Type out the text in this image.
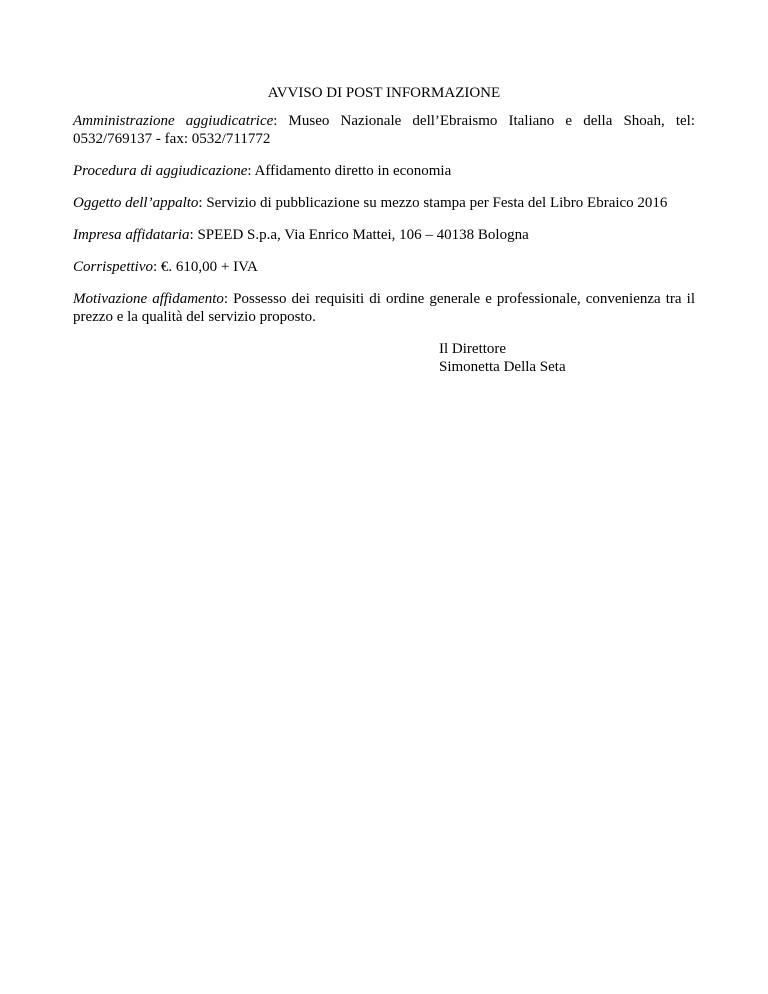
AVVISO DI POST INFORMAZIONE

Amministrazione aggiudicatrice: Museo Nazionale dell’Ebraismo Italiano e della Shoah, tel: 0532/769137 - fax: 0532/711772

Procedura di aggiudicazione: Affidamento diretto in economia

Oggetto dell’appalto: Servizio di pubblicazione su mezzo stampa per Festa del Libro Ebraico 2016

Impresa affidataria: SPEED S.p.a, Via Enrico Mattei, 106 – 40138 Bologna

Corrispettivo: €. 610,00 + IVA

Motivazione affidamento: Possesso dei requisiti di ordine generale e professionale, convenienza tra il prezzo e la qualità del servizio proposto.

Il Direttore
Simonetta Della Seta
